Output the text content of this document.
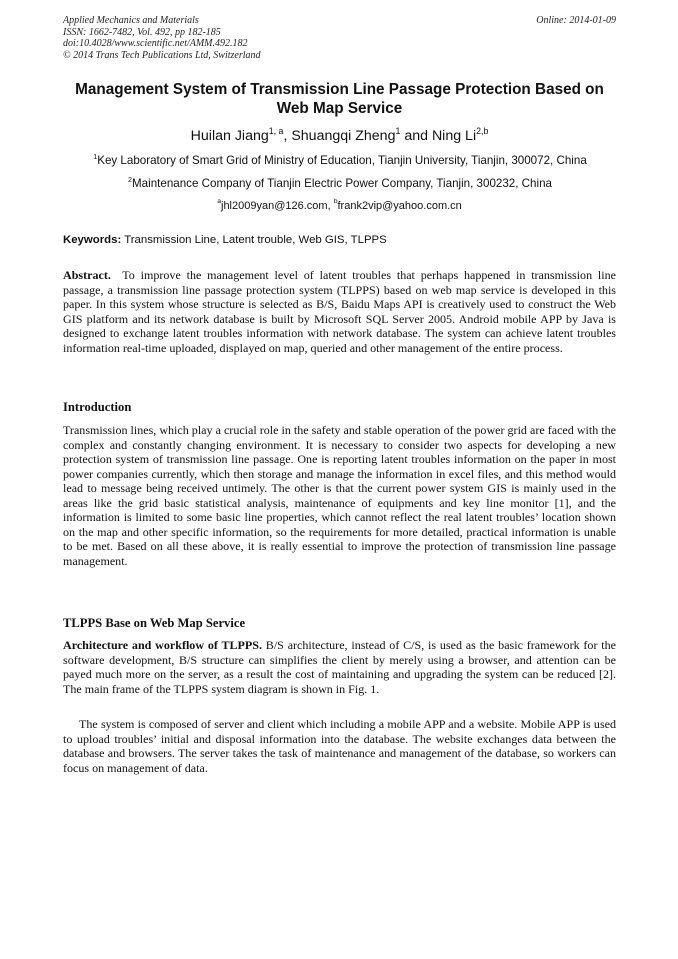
Applied Mechanics and Materials	Online: 2014-01-09
ISSN: 1662-7482, Vol. 492, pp 182-185
doi:10.4028/www.scientific.net/AMM.492.182
© 2014 Trans Tech Publications Ltd, Switzerland
Management System of Transmission Line Passage Protection Based on Web Map Service
Huilan Jiang$^{1, a}$, Shuangqi Zheng$^1$ and Ning Li$^{2,b}$
$^1$Key Laboratory of Smart Grid of Ministry of Education, Tianjin University, Tianjin, 300072, China
$^2$Maintenance Company of Tianjin Electric Power Company, Tianjin, 300232, China
$^a$jhl2009yan@126.com, $^b$frank2vip@yahoo.com.cn
Keywords: Transmission Line, Latent trouble, Web GIS, TLPPS
Abstract. To improve the management level of latent troubles that perhaps happened in transmission line passage, a transmission line passage protection system (TLPPS) based on web map service is developed in this paper. In this system whose structure is selected as B/S, Baidu Maps API is creatively used to construct the Web GIS platform and its network database is built by Microsoft SQL Server 2005. Android mobile APP by Java is designed to exchange latent troubles information with network database. The system can achieve latent troubles information real-time uploaded, displayed on map, queried and other management of the entire process.
Introduction
Transmission lines, which play a crucial role in the safety and stable operation of the power grid are faced with the complex and constantly changing environment. It is necessary to consider two aspects for developing a new protection system of transmission line passage. One is reporting latent troubles information on the paper in most power companies currently, which then storage and manage the information in excel files, and this method would lead to message being received untimely. The other is that the current power system GIS is mainly used in the areas like the grid basic statistical analysis, maintenance of equipments and key line monitor [1], and the information is limited to some basic line properties, which cannot reflect the real latent troubles’ location shown on the map and other specific information, so the requirements for more detailed, practical information is unable to be met. Based on all these above, it is really essential to improve the protection of transmission line passage management.
TLPPS Base on Web Map Service
Architecture and workflow of TLPPS. B/S architecture, instead of C/S, is used as the basic framework for the software development, B/S structure can simplifies the client by merely using a browser, and attention can be payed much more on the server, as a result the cost of maintaining and upgrading the system can be reduced [2]. The main frame of the TLPPS system diagram is shown in Fig. 1.
The system is composed of server and client which including a mobile APP and a website. Mobile APP is used to upload troubles’ initial and disposal information into the database. The website exchanges data between the database and browsers. The server takes the task of maintenance and management of the database, so workers can focus on management of data.
